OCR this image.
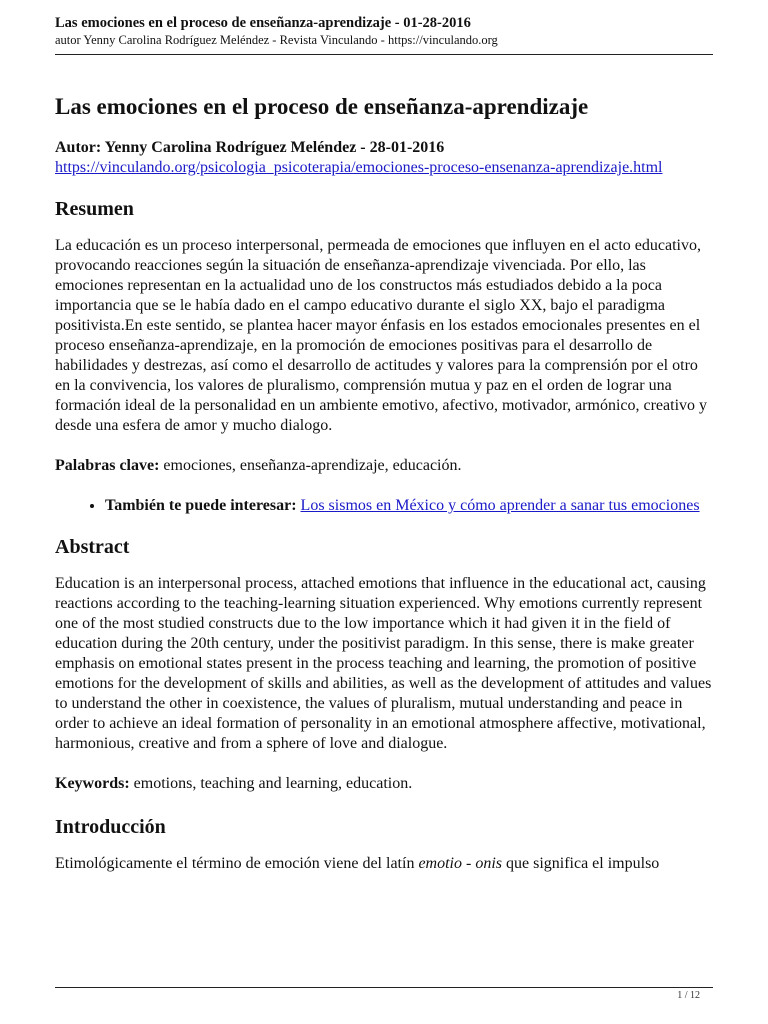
Las emociones en el proceso de enseñanza-aprendizaje - 01-28-2016
autor Yenny Carolina Rodríguez Meléndez - Revista Vinculando - https://vinculando.org
Las emociones en el proceso de enseñanza-aprendizaje
Autor: Yenny Carolina Rodríguez Meléndez - 28-01-2016
https://vinculando.org/psicologia_psicoterapia/emociones-proceso-ensenanza-aprendizaje.html
Resumen

La educación es un proceso interpersonal, permeada de emociones que influyen en el acto educativo, provocando reacciones según la situación de enseñanza-aprendizaje vivenciada. Por ello, las emociones representan en la actualidad uno de los constructos más estudiados debido a la poca importancia que se le había dado en el campo educativo durante el siglo XX, bajo el paradigma positivista.En este sentido, se plantea hacer mayor énfasis en los estados emocionales presentes en el proceso enseñanza-aprendizaje, en la promoción de emociones positivas para el desarrollo de habilidades y destrezas, así como el desarrollo de actitudes y valores para la comprensión por el otro en la convivencia, los valores de pluralismo, comprensión mutua y paz en el orden de lograr una formación ideal de la personalidad en un ambiente emotivo, afectivo, motivador, armónico, creativo y desde una esfera de amor y mucho dialogo.

Palabras clave: emociones, enseñanza-aprendizaje, educación.

• También te puede interesar: Los sismos en México y cómo aprender a sanar tus emociones
Abstract

Education is an interpersonal process, attached emotions that influence in the educational act, causing reactions according to the teaching-learning situation experienced. Why emotions currently represent one of the most studied constructs due to the low importance which it had given it in the field of education during the 20th century, under the positivist paradigm. In this sense, there is make greater emphasis on emotional states present in the process teaching and learning, the promotion of positive emotions for the development of skills and abilities, as well as the development of attitudes and values to understand the other in coexistence, the values of pluralism, mutual understanding and peace in order to achieve an ideal formation of personality in an emotional atmosphere affective, motivational, harmonious, creative and from a sphere of love and dialogue.

Keywords: emotions, teaching and learning, education.

Introducción

Etimológicamente el término de emoción viene del latín emotio - onis que significa el impulso

1 / 12
